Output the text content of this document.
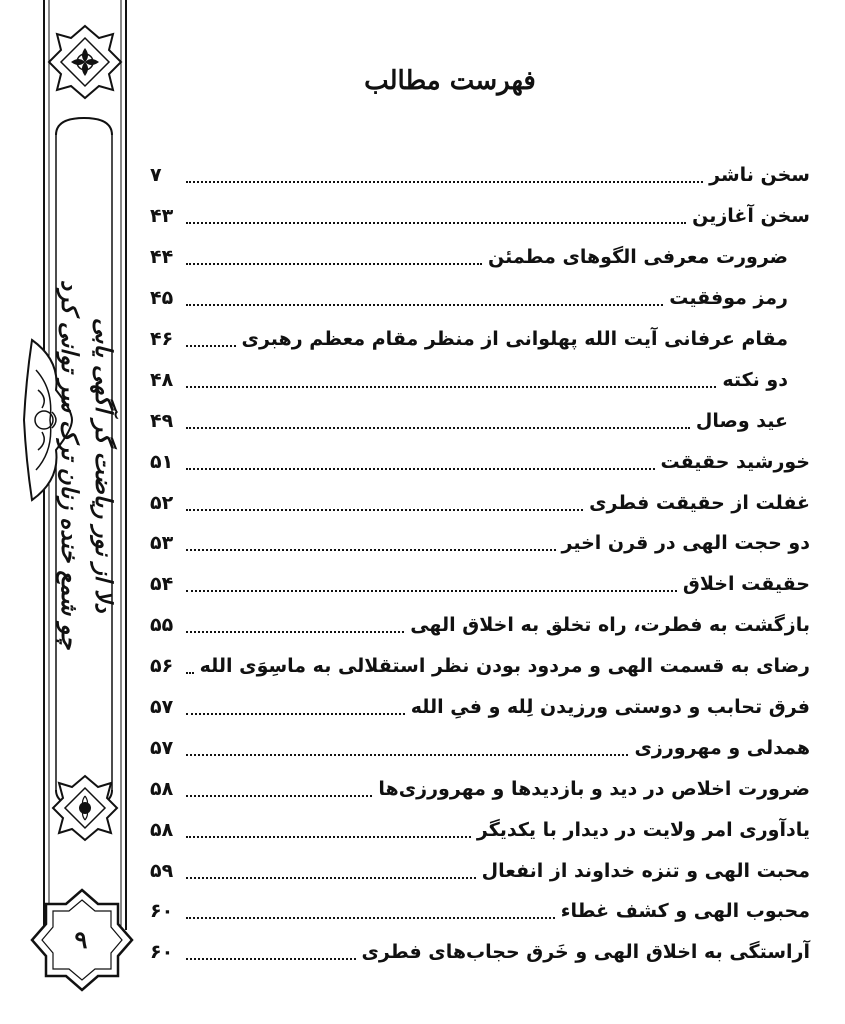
دلا از نور ریاضت گر آگهی یابی
چو شمع خنده زنان ترک سر توانی کرد
۹
فهرست مطالب
سخن ناشر
۷
سخن آغازین
۴۳
ضرورت معرفی الگوهای مطمئن
۴۴
رمز موفقیت
۴۵
مقام عرفانی آیت الله پهلوانی از منظر مقام معظم رهبری
۴۶
دو نکته
۴۸
عید وصال
۴۹
خورشید حقیقت
۵۱
غفلت از حقیقت فطری
۵۲
دو حجت الهی در قرن اخیر
۵۳
حقیقت اخلاق
۵۴
بازگشت به فطرت، راه تخلق به اخلاق الهی
۵۵
رضای به قسمت الهی و مردود بودن نظر استقلالی به ماسِوَی الله
۵۶
فرق تحابب و دوستی ورزیدن لِله و فیِ الله
۵۷
همدلی و مهرورزی
۵۷
ضرورت اخلاص در دید و بازدیدها و مهرورزی‌ها
۵۸
یادآوری امر ولایت در دیدار با یکدیگر
۵۸
محبت الهی و تنزه خداوند از انفعال
۵۹
محبوب الهی و کشف غطاء
۶۰
آراستگی به اخلاق الهی و خَرق حجاب‌های فطری
۶۰
